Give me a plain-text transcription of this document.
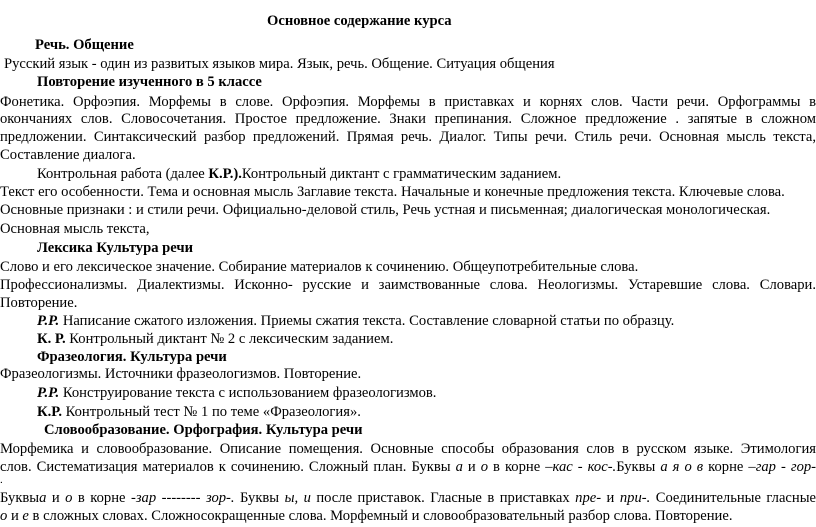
Основное содержание курса
Речь. Общение
Русский язык - один из развитых языков мира. Язык, речь. Общение. Ситуация общения
Повторение изученного в 5 классе
Фонетика. Орфоэпия. Морфемы в слове. Орфоэпия. Морфемы в приставках и корнях слов. Части речи. Орфограммы в
окончаниях слов. Словосочетания. Простое предложение. Знаки препинания. Сложное предложение . запятые в сложном
предложении. Синтаксический разбор предложений. Прямая речь. Диалог. Типы речи. Стиль речи. Основная мысль текста,
Составление диалога.
Контрольная работа (далее К.Р.).Контрольный диктант с грамматическим заданием.
Текст его особенности. Тема и основная мысль Заглавие текста. Начальные и конечные предложения текста. Ключевые слова.
Основные признаки : и стили речи. Официально-деловой стиль, Речь устная и письменная; диалогическая монологическая.
Основная мысль текста,
Лексика Культура речи
Слово и его лексическое значение. Собирание материалов к сочинению. Общеупотребительные слова.
Профессионализмы. Диалектизмы. Исконно- русские и заимствованные слова. Неологизмы. Устаревшие слова. Словари.
Повторение.
Р.Р. Написание сжатого изложения. Приемы сжатия текста. Составление словарной статьи по образцу.
К. Р. Контрольный диктант № 2 с лексическим заданием.
Фразеология. Культура речи
Фразеологизмы. Источники фразеологизмов. Повторение.
Р.Р. Конструирование текста с использованием фразеологизмов.
К.Р. Контрольный тест № 1 по теме «Фразеология».
Словообразование. Орфография. Культура речи
Морфемика и словообразование. Описание помещения. Основные способы образования слов в русском языке. Этимология
слов. Систематизация материалов к сочинению. Сложный план. Буквы а и о в корне –кас - кос-.Буквы а я о в корне –гар - гор-
.
Буквыа и о в корне -зар -------- зор-. Буквы ы, и после приставок. Гласные в приставках пре- и при-. Соединительные гласные
о и е в сложных словах. Сложносокращенные слова. Морфемный и словообразовательный разбор слова. Повторение.
